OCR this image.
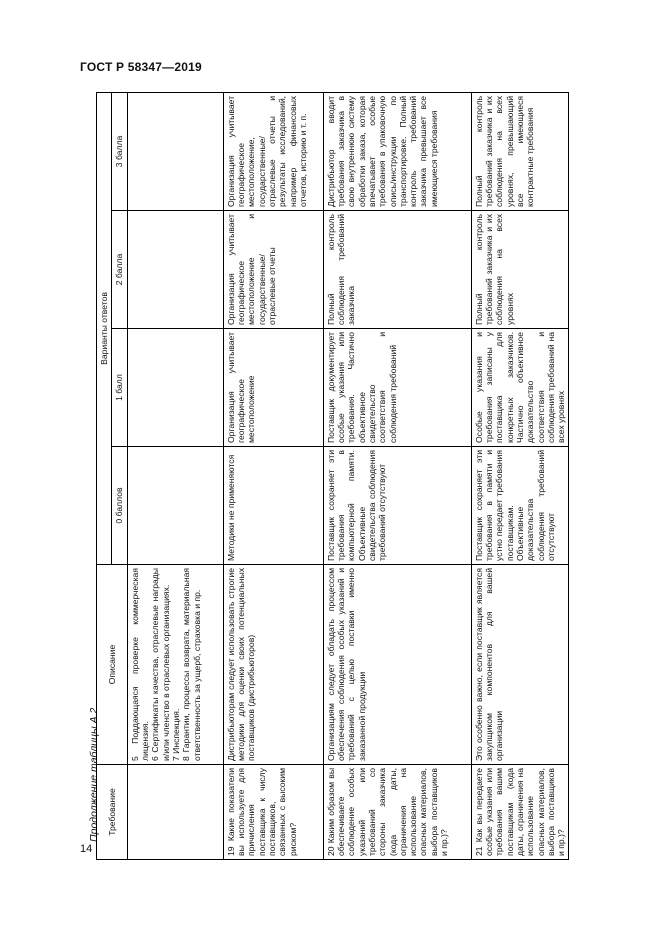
ГОСТ Р 58347—2019
14
Продолжение таблицы А.2 Требование	Описание	Варианты ответов			
		0 баллов	1 балл	2 балла	3 балла

	5 Поддающаяся проверке коммерческая лицензия. 6 Сертификаты качества, отраслевые награды и/или членство в отраслевых организациях. 7 Инспекция. 8 Гарантии, процессы возврата, материальная ответственность за ущерб, страховка и пр.				

19 Какие показатели вы используете для причисления поставщика к числу поставщиков, связанных с высоким риском?	Дистрибьюторам следует использовать строгие методики для оценки своих потенциальных поставщиков (дистрибьюторов)	Методики не применяются	Организация учитывает географическое местоположение	Организация учитывает географическое местоположение и государственные/отраслевые отчеты	Организация учитывает географическое местоположение, государственные/отраслевые отчеты и результаты исследований, например финансовых отчетов, историю и т. п.
20 Каким образом вы обеспечиваете соблюдение особых указаний или требований со стороны заказчика (кода даты, ограничения на использование опасных материалов, выбора поставщиков и пр.)?	Организациям следует обладать процессом обеспечения соблюдения особых указаний и требований с целью поставки именно заказанной продукции	Поставщик сохраняет эти требования в компьютерной памяти. Объективные свидетельства соблюдения требований отсутствуют	Поставщик документирует особые указания или требования. Частично объективное свидетельство соответствия и соблюдения требований	Полный контроль соблюдения требований заказчика	Дистрибьютор вводит требования заказчика в свою внутреннюю систему обработки заказа, которая впечатывает особые требования в упаковочную опись/инструкции по транспортировке. Полный контроль требований заказчика превышает все имеющиеся требования
21 Как вы передаете особые указания или требования вашим поставщикам (кода даты, ограничения на использование опасных материалов, выбора поставщиков и пр.)?	Это особенно важно, если поставщик является закупщиком компонентов для вашей организации	Поставщик сохраняет эти требования в памяти и устно передает требования поставщикам. Объективные доказательства соблюдения требований отсутствуют	Особые указания и требования записаны у поставщика для конкретных заказчиков. Частично объективное доказательство соответствия и соблюдения требований на всех уровнях	Полный контроль требований заказчика и их соблюдения на всех уровнях	Полный контроль требований заказчика и их соблюдения на всех уровнях, превышающий все имеющиеся контрактные требования
